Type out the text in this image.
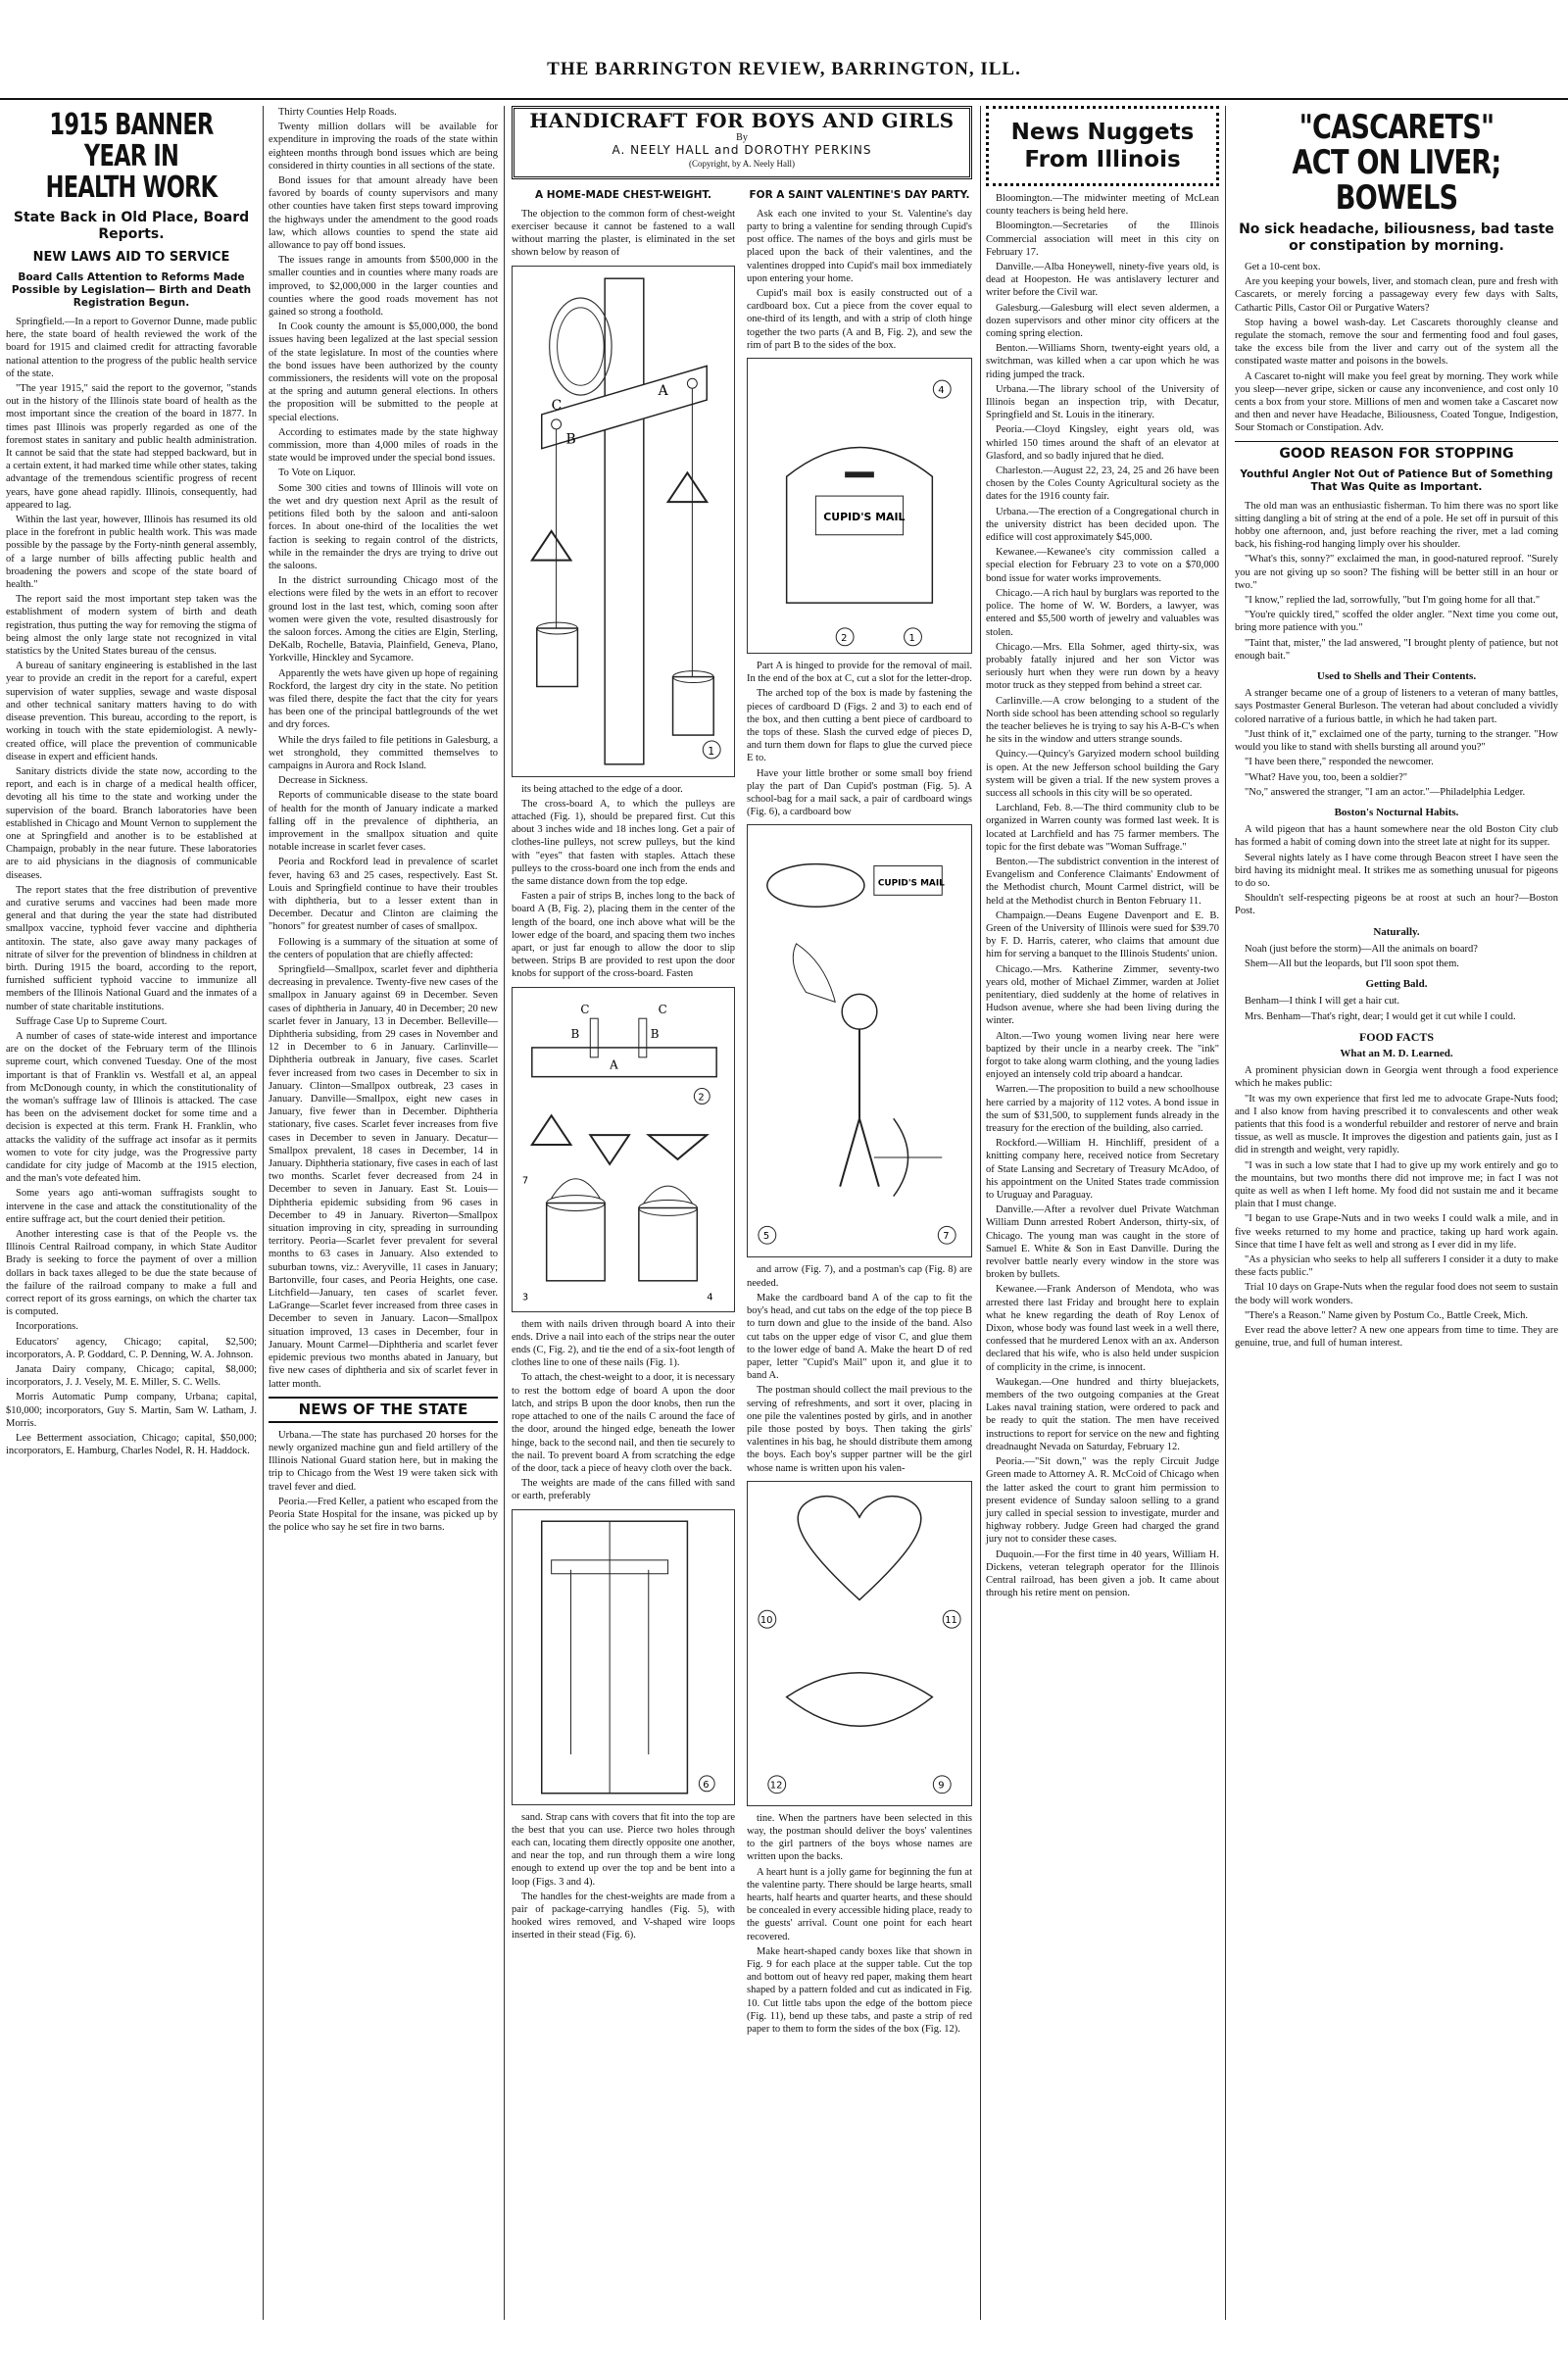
THE BARRINGTON REVIEW, BARRINGTON, ILL.
1915 BANNER YEAR IN HEALTH WORK
State Back in Old Place, Board Reports.
NEW LAWS AID TO SERVICE
Board Calls Attention to Reforms Made Possible by Legislation— Birth and Death Registration Begun.

Springfield.—In a report to Governor Dunne, made public here, the state board of health reviewed the work of the board for 1915 and claimed credit for attracting favorable national attention to the progress of the public health service of the state.

"The year 1915," said the report to the governor, "stands out in the history of the Illinois state board of health as the most important since the creation of the board in 1877. In times past Illinois was properly regarded as one of the foremost states in sanitary and public health administration. It cannot be said that the state had stepped backward, but in a certain extent, it had marked time while other states, taking advantage of the tremendous scientific progress of recent years, have gone ahead rapidly. Illinois, consequently, had appeared to lag.

Within the last year, however, Illinois has resumed its old place in the forefront in public health work. This was made possible by the passage by the Forty-ninth general assembly, of a large number of bills affecting public health and broadening the powers and scope of the state board of health."

The report said the most important step taken was the establishment of modern system of birth and death registration, thus putting the way for removing the stigma of being almost the only large state not recognized in vital statistics by the United States bureau of the census.

A bureau of sanitary engineering is established in the last year to provide an credit in the report for a careful, expert supervision of water supplies, sewage and waste disposal and other technical sanitary matters having to do with disease prevention. This bureau, according to the report, is working in touch with the state epidemiologist. A newly-created office, will place the prevention of communicable disease in expert and efficient hands.

Sanitary districts divide the state now, according to the report, and each is in charge of a medical health officer, devoting all his time to the state and working under the supervision of the board. Branch laboratories have been established in Chicago and Mount Vernon to supplement the one at Springfield and another is to be established at Champaign, probably in the near future. These laboratories are to aid physicians in the diagnosis of communicable diseases.

The report states that the free distribution of preventive and curative serums and vaccines had been made more general and that during the year the state had distributed smallpox vaccine, typhoid fever vaccine and diphtheria antitoxin. The state, also gave away many packages of nitrate of silver for the prevention of blindness in children at birth. During 1915 the board, according to the report, furnished sufficient typhoid vaccine to immunize all members of the Illinois National Guard and the inmates of a number of state charitable institutions.

Suffrage Case Up to Supreme Court.

A number of cases of state-wide interest and importance are on the docket of the February term of the Illinois supreme court, which convened Tuesday. One of the most important is that of Franklin vs. Westfall et al, an appeal from McDonough county, in which the constitutionality of the woman's suffrage law of Illinois is attacked. The case has been on the advisement docket for some time and a decision is expected at this term. Frank H. Franklin, who attacks the validity of the suffrage act insofar as it permits women to vote for city judge, was the Progressive party candidate for city judge of Macomb at the 1915 election, and the man's vote defeated him.

Some years ago anti-woman suffragists sought to intervene in the case and attack the constitutionality of the entire suffrage act, but the court denied their petition.

Another interesting case is that of the People vs. the Illinois Central Railroad company, in which State Auditor Brady is seeking to force the payment of over a million dollars in back taxes alleged to be due the state because of the failure of the railroad company to make a full and correct report of its gross earnings, on which the charter tax is computed.

Incorporations.

Educators' agency, Chicago; capital, $2,500; incorporators, A. P. Goddard, C. P. Denning, W. A. Johnson.

Janata Dairy company, Chicago; capital, $8,000; incorporators, J. J. Vesely, M. E. Miller, S. C. Wells.

Morris Automatic Pump company, Urbana; capital, $10,000; incorporators, Guy S. Martin, Sam W. Latham, J. Morris.

Lee Betterment association, Chicago; capital, $50,000; incorporators, E. Hamburg, Charles Nodel, R. H. Haddock.

Thirty Counties Help Roads.

Twenty million dollars will be available for expenditure in improving the roads of the state within eighteen months through bond issues which are being considered in thirty counties in all sections of the state.

Bond issues for that amount already have been favored by boards of county supervisors and many other counties have taken first steps toward improving the highways under the amendment to the good roads law, which allows counties to spend the state aid allowance to pay off bond issues.

The issues range in amounts from $500,000 in the smaller counties and in counties where many roads are improved, to $2,000,000 in the larger counties and counties where the good roads movement has not gained so strong a foothold.

In Cook county the amount is $5,000,000, the bond issues having been legalized at the last special session of the state legislature. In most of the counties where the bond issues have been authorized by the county commissioners, the residents will vote on the proposal at the spring and autumn general elections. In others the proposition will be submitted to the people at special elections.

According to estimates made by the state highway commission, more than 4,000 miles of roads in the state would be improved under the special bond issues.

To Vote on Liquor.

Some 300 cities and towns of Illinois will vote on the wet and dry question next April as the result of petitions filed both by the saloon and anti-saloon forces. In about one-third of the localities the wet faction is seeking to regain control of the districts, while in the remainder the drys are trying to drive out the saloons.

In the district surrounding Chicago most of the elections were filed by the wets in an effort to recover ground lost in the last test, which, coming soon after women were given the vote, resulted disastrously for the saloon forces. Among the cities are Elgin, Sterling, DeKalb, Rochelle, Batavia, Plainfield, Geneva, Plano, Yorkville, Hinckley and Sycamore.

Apparently the wets have given up hope of regaining Rockford, the largest dry city in the state. No petition was filed there, despite the fact that the city for years has been one of the principal battlegrounds of the wet and dry forces.

While the drys failed to file petitions in Galesburg, a wet stronghold, they committed themselves to campaigns in Aurora and Rock Island.

Decrease in Sickness.

Reports of communicable disease to the state board of health for the month of January indicate a marked falling off in the prevalence of diphtheria, an improvement in the smallpox situation and quite notable increase in scarlet fever cases.

Peoria and Rockford lead in prevalence of scarlet fever, having 63 and 25 cases, respectively. East St. Louis and Springfield continue to have their troubles with diphtheria, but to a lesser extent than in December. Decatur and Clinton are claiming the "honors" for greatest number of cases of smallpox.

Following is a summary of the situation at some of the centers of population that are chiefly affected:

Springfield—Smallpox, scarlet fever and diphtheria decreasing in prevalence. Twenty-five new cases of the smallpox in January against 69 in December. Seven cases of diphtheria in January, 40 in December; 20 new scarlet fever in January, 13 in December. Belleville—Diphtheria subsiding, from 29 cases in November and 12 in December to 6 in January. Carlinville—Diphtheria outbreak in January, five cases. Scarlet fever increased from two cases in December to six in January. Clinton—Smallpox outbreak, 23 cases in January. Danville—Smallpox, eight new cases in January, five fewer than in December. Diphtheria stationary, five cases. Scarlet fever increases from five cases in December to seven in January. Decatur—Smallpox prevalent, 18 cases in December, 14 in January. Diphtheria stationary, five cases in each of last two months. Scarlet fever decreased from 24 in December to seven in January. East St. Louis—Diphtheria epidemic subsiding from 96 cases in December to 49 in January. Riverton—Smallpox situation improving in city, spreading in surrounding territory. Peoria—Scarlet fever prevalent for several months to 63 cases in January. Also extended to suburban towns, viz.: Averyville, 11 cases in January; Bartonville, four cases, and Peoria Heights, one case. Litchfield—January, ten cases of scarlet fever. LaGrange—Scarlet fever increased from three cases in December to seven in January. Lacon—Smallpox situation improved, 13 cases in December, four in January. Mount Carmel—Diphtheria and scarlet fever epidemic previous two months abated in January, but five new cases of diphtheria and six of scarlet fever in latter month.

NEWS OF THE STATE

Urbana.—The state has purchased 20 horses for the newly organized machine gun and field artillery of the Illinois National Guard station here, but in making the trip to Chicago from the West 19 were taken sick with travel fever and died.

Peoria.—Fred Keller, a patient who escaped from the Peoria State Hospital for the insane, was picked up by the police who say he set fire in two barns.

HANDICRAFT FOR BOYS AND GIRLS
By
A. NEELY HALL and DOROTHY PERKINS
(Copyright, by A. Neely Hall)
A HOME-MADE CHEST-WEIGHT.

The objection to the common form of chest-weight exerciser because it cannot be fastened to a wall without marring the plaster, is eliminated in the set shown below by reason of

C
B
A
1

its being attached to the edge of a door.

The cross-board A, to which the pulleys are attached (Fig. 1), should be prepared first. Cut this about 3 inches wide and 18 inches long. Get a pair of clothes-line pulleys, not screw pulleys, but the kind with "eyes" that fasten with staples. Attach these pulleys to the cross-board one inch from the ends and the same distance down from the top edge.

Fasten a pair of strips B, inches long to the back of board A (B, Fig. 2), placing them in the center of the length of the board, one inch above what will be the lower edge of the board, and spacing them two inches apart, or just far enough to allow the door to slip between. Strips B are provided to rest upon the door knobs for support of the cross-board. Fasten

C	C
B	B
A
2
7
3	4

them with nails driven through board A into their ends. Drive a nail into each of the strips near the outer ends (C, Fig. 2), and tie the end of a six-foot length of clothes line to one of these nails (Fig. 1).

To attach, the chest-weight to a door, it is necessary to rest the bottom edge of board A upon the door latch, and strips B upon the door knobs, then run the rope attached to one of the nails C around the face of the door, around the hinged edge, beneath the lower hinge, back to the second nail, and then tie securely to the nail. To prevent board A from scratching the edge of the door, tack a piece of heavy cloth over the back.

The weights are made of the cans filled with sand or earth, preferably

6

sand. Strap cans with covers that fit into the top are the best that you can use. Pierce two holes through each can, locating them directly opposite one another, and near the top, and run through them a wire long enough to extend up over the top and be bent into a loop (Figs. 3 and 4).

The handles for the chest-weights are made from a pair of package-carrying handles (Fig. 5), with hooked wires removed, and V-shaped wire loops inserted in their stead (Fig. 6).

FOR A SAINT VALENTINE'S DAY PARTY.

Ask each one invited to your St. Valentine's day party to bring a valentine for sending through Cupid's post office. The names of the boys and girls must be placed upon the back of their valentines, and the valentines dropped into Cupid's mail box immediately upon entering your home.

Cupid's mail box is easily constructed out of a cardboard box. Cut a piece from the cover equal to one-third of its length, and with a strip of cloth hinge together the two parts (A and B, Fig. 2), and sew the rim of part B to the sides of the box.

CUPID'S MAIL
4
2	1

Part A is hinged to provide for the removal of mail. In the end of the box at C, cut a slot for the letter-drop.

The arched top of the box is made by fastening the pieces of cardboard D (Figs. 2 and 3) to each end of the box, and then cutting a bent piece of cardboard to the tops of these. Slash the curved edge of pieces D, and turn them down for flaps to glue the curved piece E to.

Have your little brother or some small boy friend play the part of Dan Cupid's postman (Fig. 5). A school-bag for a mail sack, a pair of cardboard wings (Fig. 6), a cardboard bow

CUPID'S MAIL
5	7

and arrow (Fig. 7), and a postman's cap (Fig. 8) are needed.

Make the cardboard band A of the cap to fit the boy's head, and cut tabs on the edge of the top piece B to turn down and glue to the inside of the band. Also cut tabs on the upper edge of visor C, and glue them to the lower edge of band A. Make the heart D of red paper, letter "Cupid's Mail" upon it, and glue it to band A.

The postman should collect the mail previous to the serving of refreshments, and sort it over, placing in one pile the valentines posted by girls, and in another pile those posted by boys. Then taking the girls' valentines in his bag, he should distribute them among the boys. Each boy's supper partner will be the girl whose name is written upon his valen-

10	11
12	9

tine. When the partners have been selected in this way, the postman should deliver the boys' valentines to the girl partners of the boys whose names are written upon the backs.

A heart hunt is a jolly game for beginning the fun at the valentine party. There should be large hearts, small hearts, half hearts and quarter hearts, and these should be concealed in every accessible hiding place, ready to the guests' arrival. Count one point for each heart recovered.

Make heart-shaped candy boxes like that shown in Fig. 9 for each place at the supper table. Cut the top and bottom out of heavy red paper, making them heart shaped by a pattern folded and cut as indicated in Fig. 10. Cut little tabs upon the edge of the bottom piece (Fig. 11), bend up these tabs, and paste a strip of red paper to them to form the sides of the box (Fig. 12).

News Nuggets From Illinois

Bloomington.—The midwinter meeting of McLean county teachers is being held here.

Bloomington.—Secretaries of the Illinois Commercial association will meet in this city on February 17.

Danville.—Alba Honeywell, ninety-five years old, is dead at Hoopeston. He was antislavery lecturer and writer before the Civil war.

Galesburg.—Galesburg will elect seven aldermen, a dozen supervisors and other minor city officers at the coming spring election.

Benton.—Williams Shorn, twenty-eight years old, a switchman, was killed when a car upon which he was riding jumped the track.

Urbana.—The library school of the University of Illinois began an inspection trip, with Decatur, Springfield and St. Louis in the itinerary.

Peoria.—Cloyd Kingsley, eight years old, was whirled 150 times around the shaft of an elevator at Glasford, and so badly injured that he died.

Charleston.—August 22, 23, 24, 25 and 26 have been chosen by the Coles County Agricultural society as the dates for the 1916 county fair.

Urbana.—The erection of a Congregational church in the university district has been decided upon. The edifice will cost approximately $45,000.

Kewanee.—Kewanee's city commission called a special election for February 23 to vote on a $70,000 bond issue for water works improvements.

Chicago.—A rich haul by burglars was reported to the police. The home of W. W. Borders, a lawyer, was entered and $5,500 worth of jewelry and valuables was stolen.

Chicago.—Mrs. Ella Sohmer, aged thirty-six, was probably fatally injured and her son Victor was seriously hurt when they were run down by a heavy motor truck as they stepped from behind a street car.

Carlinville.—A crow belonging to a student of the North side school has been attending school so regularly the teacher believes he is trying to say his A-B-C's when he sits in the window and utters strange sounds.

Quincy.—Quincy's Garyized modern school building is open. At the new Jefferson school building the Gary system will be given a trial. If the new system proves a success all schools in this city will be so operated.

Larchland, Feb. 8.—The third community club to be organized in Warren county was formed last week. It is located at Larchfield and has 75 farmer members. The topic for the first debate was "Woman Suffrage."

Benton.—The subdistrict convention in the interest of Evangelism and Conference Claimants' Endowment of the Methodist church, Mount Carmel district, will be held at the Methodist church in Benton February 11.

Champaign.—Deans Eugene Davenport and E. B. Green of the University of Illinois were sued for $39.70 by F. D. Harris, caterer, who claims that amount due him for serving a banquet to the Illinois Students' union.

Chicago.—Mrs. Katherine Zimmer, seventy-two years old, mother of Michael Zimmer, warden at Joliet penitentiary, died suddenly at the home of relatives in Hudson avenue, where she had been living during the winter.

Alton.—Two young women living near here were baptized by their uncle in a nearby creek. The "ink" forgot to take along warm clothing, and the young ladies enjoyed an intensely cold trip aboard a handcar.

Warren.—The proposition to build a new schoolhouse here carried by a majority of 112 votes. A bond issue in the sum of $31,500, to supplement funds already in the treasury for the erection of the building, also carried.

Rockford.—William H. Hinchliff, president of a knitting company here, received notice from Secretary of State Lansing and Secretary of Treasury McAdoo, of his appointment on the United States trade commission to Uruguay and Paraguay.

Danville.—After a revolver duel Private Watchman William Dunn arrested Robert Anderson, thirty-six, of Chicago. The young man was caught in the store of Samuel E. White & Son in East Danville. During the revolver battle nearly every window in the store was broken by bullets.

Kewanee.—Frank Anderson of Mendota, who was arrested there last Friday and brought here to explain what he knew regarding the death of Roy Lenox of Dixon, whose body was found last week in a well there, confessed that he murdered Lenox with an ax. Anderson declared that his wife, who is also held under suspicion of complicity in the crime, is innocent.

Waukegan.—One hundred and thirty bluejackets, members of the two outgoing companies at the Great Lakes naval training station, were ordered to pack and be ready to quit the station. The men have received instructions to report for service on the new and fighting dreadnaught Nevada on Saturday, February 12.

Peoria.—"Sit down," was the reply Circuit Judge Green made to Attorney A. R. McCoid of Chicago when the latter asked the court to grant him permission to present evidence of Sunday saloon selling to a grand jury called in special session to investigate, murder and highway robbery. Judge Green had charged the grand jury not to consider these cases.

Duquoin.—For the first time in 40 years, William H. Dickens, veteran telegraph operator for the Illinois Central railroad, has been given a job. It came about through his retire ment on pension.

"CASCARETS" ACT ON LIVER; BOWELS
No sick headache, biliousness, bad taste or constipation by morning.

Get a 10-cent box.

Are you keeping your bowels, liver, and stomach clean, pure and fresh with Cascarets, or merely forcing a passageway every few days with Salts, Cathartic Pills, Castor Oil or Purgative Waters?

Stop having a bowel wash-day. Let Cascarets thoroughly cleanse and regulate the stomach, remove the sour and fermenting food and foul gases, take the excess bile from the liver and carry out of the system all the constipated waste matter and poisons in the bowels.

A Cascaret to-night will make you feel great by morning. They work while you sleep—never gripe, sicken or cause any inconvenience, and cost only 10 cents a box from your store. Millions of men and women take a Cascaret now and then and never have Headache, Biliousness, Coated Tongue, Indigestion, Sour Stomach or Constipation. Adv.

GOOD REASON FOR STOPPING
Youthful Angler Not Out of Patience But of Something That Was Quite as Important.

The old man was an enthusiastic fisherman. To him there was no sport like sitting dangling a bit of string at the end of a pole. He set off in pursuit of this hobby one afternoon, and, just before reaching the river, met a lad coming back, his fishing-rod hanging limply over his shoulder.

"What's this, sonny?" exclaimed the man, in good-natured reproof. "Surely you are not giving up so soon? The fishing will be better still in an hour or two."

"I know," replied the lad, sorrowfully, "but I'm going home for all that."

"You're quickly tired," scoffed the older angler. "Next time you come out, bring more patience with you."

"Taint that, mister," the lad answered, "I brought plenty of patience, but not enough bait."

Used to Shells and Their Contents.

A stranger became one of a group of listeners to a veteran of many battles, says Postmaster General Burleson. The veteran had about concluded a vividly colored narrative of a furious battle, in which he had taken part.

"Just think of it," exclaimed one of the party, turning to the stranger. "How would you like to stand with shells bursting all around you?"

"I have been there," responded the newcomer.

"What? Have you, too, been a soldier?"

"No," answered the stranger, "I am an actor."—Philadelphia Ledger.

Boston's Nocturnal Habits.

A wild pigeon that has a haunt somewhere near the old Boston City club has formed a habit of coming down into the street late at night for its supper.

Several nights lately as I have come through Beacon street I have seen the bird having its midnight meal. It strikes me as something unusual for pigeons to do so.

Shouldn't self-respecting pigeons be at roost at such an hour?—Boston Post.

Naturally.

Noah (just before the storm)—All the animals on board?

Shem—All but the leopards, but I'll soon spot them.

Getting Bald.

Benham—I think I will get a hair cut.

Mrs. Benham—That's right, dear; I would get it cut while I could.

FOOD FACTS
What an M. D. Learned.

A prominent physician down in Georgia went through a food experience which he makes public:

"It was my own experience that first led me to advocate Grape-Nuts food; and I also know from having prescribed it to convalescents and other weak patients that this food is a wonderful rebuilder and restorer of nerve and brain tissue, as well as muscle. It improves the digestion and patients gain, just as I did in strength and weight, very rapidly.

"I was in such a low state that I had to give up my work entirely and go to the mountains, but two months there did not improve me; in fact I was not quite as well as when I left home. My food did not sustain me and it became plain that I must change.

"I began to use Grape-Nuts and in two weeks I could walk a mile, and in five weeks returned to my home and practice, taking up hard work again. Since that time I have felt as well and strong as I ever did in my life.

"As a physician who seeks to help all sufferers I consider it a duty to make these facts public."

Trial 10 days on Grape-Nuts when the regular food does not seem to sustain the body will work wonders.

"There's a Reason." Name given by Postum Co., Battle Creek, Mich.

Ever read the above letter? A new one appears from time to time. They are genuine, true, and full of human interest.
